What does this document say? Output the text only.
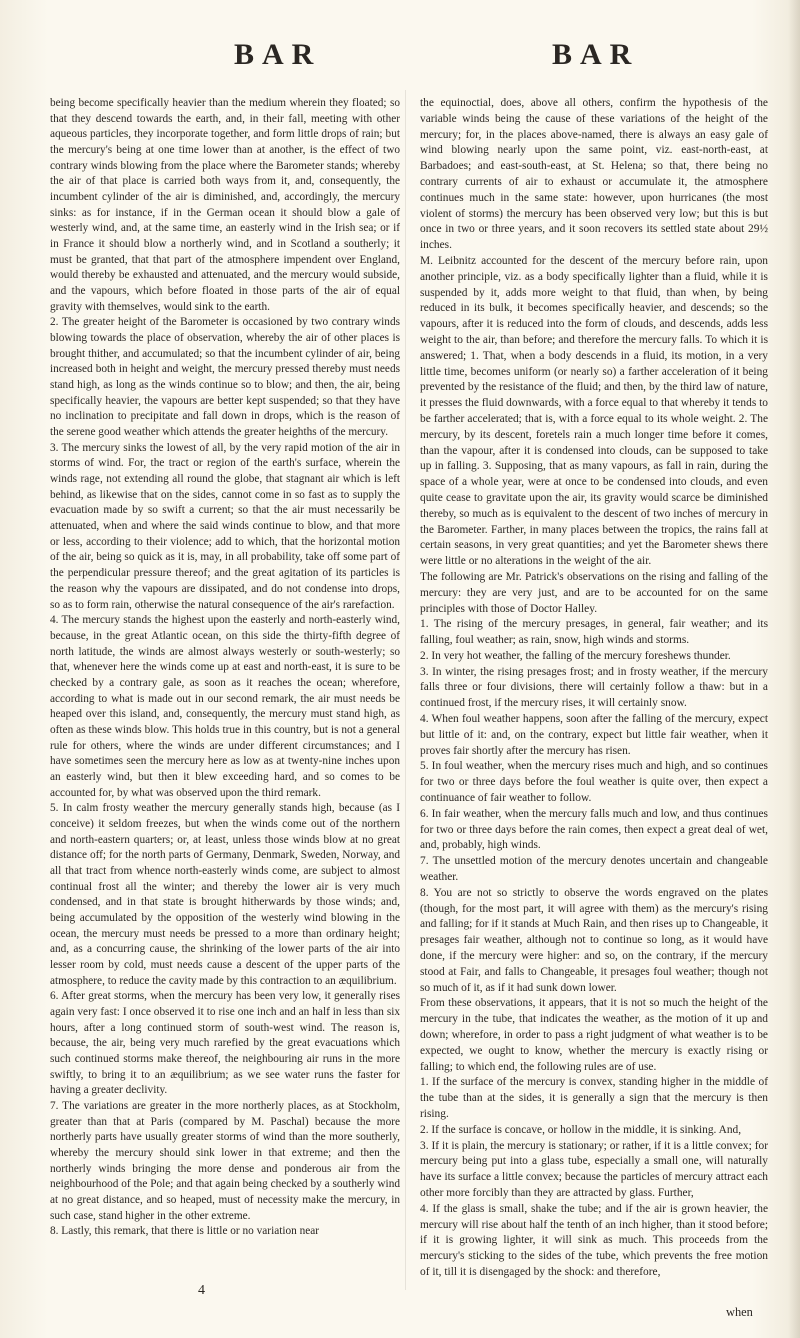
BAR	BAR

being become specifically heavier than the medium wherein they floated; so that they descend towards the earth, and, in their fall, meeting with other aqueous particles, they incorporate together, and form little drops of rain; but the mercury's being at one time lower than at another, is the effect of two contrary winds blowing from the place where the Barometer stands; whereby the air of that place is carried both ways from it, and, consequently, the incumbent cylinder of the air is diminished, and, accordingly, the mercury sinks: as for instance, if in the German ocean it should blow a gale of westerly wind, and, at the same time, an easterly wind in the Irish sea; or if in France it should blow a northerly wind, and in Scotland a southerly; it must be granted, that that part of the atmosphere impendent over England, would thereby be exhausted and attenuated, and the mercury would subside, and the vapours, which before floated in those parts of the air of equal gravity with themselves, would sink to the earth.

2. The greater height of the Barometer is occasioned by two contrary winds blowing towards the place of observation, whereby the air of other places is brought thither, and accumulated; so that the incumbent cylinder of air, being increased both in height and weight, the mercury pressed thereby must needs stand high, as long as the winds continue so to blow; and then, the air, being specifically heavier, the vapours are better kept suspended; so that they have no inclination to precipitate and fall down in drops, which is the reason of the serene good weather which attends the greater heighths of the mercury.

3. The mercury sinks the lowest of all, by the very rapid motion of the air in storms of wind. For, the tract or region of the earth's surface, wherein the winds rage, not extending all round the globe, that stagnant air which is left behind, as likewise that on the sides, cannot come in so fast as to supply the evacuation made by so swift a current; so that the air must necessarily be attenuated, when and where the said winds continue to blow, and that more or less, according to their violence; add to which, that the horizontal motion of the air, being so quick as it is, may, in all probability, take off some part of the perpendicular pressure thereof; and the great agitation of its particles is the reason why the vapours are dissipated, and do not condense into drops, so as to form rain, otherwise the natural consequence of the air's rarefaction.

4. The mercury stands the highest upon the easterly and north-easterly wind, because, in the great Atlantic ocean, on this side the thirty-fifth degree of north latitude, the winds are almost always westerly or south-westerly; so that, whenever here the winds come up at east and north-east, it is sure to be checked by a contrary gale, as soon as it reaches the ocean; wherefore, according to what is made out in our second remark, the air must needs be heaped over this island, and, consequently, the mercury must stand high, as often as these winds blow. This holds true in this country, but is not a general rule for others, where the winds are under different circumstances; and I have sometimes seen the mercury here as low as at twenty-nine inches upon an easterly wind, but then it blew exceeding hard, and so comes to be accounted for, by what was observed upon the third remark.

5. In calm frosty weather the mercury generally stands high, because (as I conceive) it seldom freezes, but when the winds come out of the northern and north-eastern quarters; or, at least, unless those winds blow at no great distance off; for the north parts of Germany, Denmark, Sweden, Norway, and all that tract from whence north-easterly winds come, are subject to almost continual frost all the winter; and thereby the lower air is very much condensed, and in that state is brought hitherwards by those winds; and, being accumulated by the opposition of the westerly wind blowing in the ocean, the mercury must needs be pressed to a more than ordinary height; and, as a concurring cause, the shrinking of the lower parts of the air into lesser room by cold, must needs cause a descent of the upper parts of the atmosphere, to reduce the cavity made by this contraction to an æquilibrium.

6. After great storms, when the mercury has been very low, it generally rises again very fast: I once observed it to rise one inch and an half in less than six hours, after a long continued storm of south-west wind. The reason is, because, the air, being very much rarefied by the great evacuations which such continued storms make thereof, the neighbouring air runs in the more swiftly, to bring it to an æquilibrium; as we see water runs the faster for having a greater declivity.

7. The variations are greater in the more northerly places, as at Stockholm, greater than that at Paris (compared by M. Paschal) because the more northerly parts have usually greater storms of wind than the more southerly, whereby the mercury should sink lower in that extreme; and then the northerly winds bringing the more dense and ponderous air from the neighbourhood of the Pole; and that again being checked by a southerly wind at no great distance, and so heaped, must of necessity make the mercury, in such case, stand higher in the other extreme.

8. Lastly, this remark, that there is little or no variation near

the equinoctial, does, above all others, confirm the hypothesis of the variable winds being the cause of these variations of the height of the mercury; for, in the places above-named, there is always an easy gale of wind blowing nearly upon the same point, viz. east-north-east, at Barbadoes; and east-south-east, at St. Helena; so that, there being no contrary currents of air to exhaust or accumulate it, the atmosphere continues much in the same state: however, upon hurricanes (the most violent of storms) the mercury has been observed very low; but this is but once in two or three years, and it soon recovers its settled state about 29½ inches.

M. Leibnitz accounted for the descent of the mercury before rain, upon another principle, viz. as a body specifically lighter than a fluid, while it is suspended by it, adds more weight to that fluid, than when, by being reduced in its bulk, it becomes specifically heavier, and descends; so the vapours, after it is reduced into the form of clouds, and descends, adds less weight to the air, than before; and therefore the mercury falls. To which it is answered; 1. That, when a body descends in a fluid, its motion, in a very little time, becomes uniform (or nearly so) a farther acceleration of it being prevented by the resistance of the fluid; and then, by the third law of nature, it presses the fluid downwards, with a force equal to that whereby it tends to be farther accelerated; that is, with a force equal to its whole weight. 2. The mercury, by its descent, foretels rain a much longer time before it comes, than the vapour, after it is condensed into clouds, can be supposed to take up in falling. 3. Supposing, that as many vapours, as fall in rain, during the space of a whole year, were at once to be condensed into clouds, and even quite cease to gravitate upon the air, its gravity would scarce be diminished thereby, so much as is equivalent to the descent of two inches of mercury in the Barometer. Farther, in many places between the tropics, the rains fall at certain seasons, in very great quantities; and yet the Barometer shews there were little or no alterations in the weight of the air.

The following are Mr. Patrick's observations on the rising and falling of the mercury: they are very just, and are to be accounted for on the same principles with those of Doctor Halley.

1. The rising of the mercury presages, in general, fair weather; and its falling, foul weather; as rain, snow, high winds and storms.

2. In very hot weather, the falling of the mercury foreshews thunder.

3. In winter, the rising presages frost; and in frosty weather, if the mercury falls three or four divisions, there will certainly follow a thaw: but in a continued frost, if the mercury rises, it will certainly snow.

4. When foul weather happens, soon after the falling of the mercury, expect but little of it: and, on the contrary, expect but little fair weather, when it proves fair shortly after the mercury has risen.

5. In foul weather, when the mercury rises much and high, and so continues for two or three days before the foul weather is quite over, then expect a continuance of fair weather to follow.

6. In fair weather, when the mercury falls much and low, and thus continues for two or three days before the rain comes, then expect a great deal of wet, and, probably, high winds.

7. The unsettled motion of the mercury denotes uncertain and changeable weather.

8. You are not so strictly to observe the words engraved on the plates (though, for the most part, it will agree with them) as the mercury's rising and falling; for if it stands at Much Rain, and then rises up to Changeable, it presages fair weather, although not to continue so long, as it would have done, if the mercury were higher: and so, on the contrary, if the mercury stood at Fair, and falls to Changeable, it presages foul weather; though not so much of it, as if it had sunk down lower.

From these observations, it appears, that it is not so much the height of the mercury in the tube, that indicates the weather, as the motion of it up and down; wherefore, in order to pass a right judgment of what weather is to be expected, we ought to know, whether the mercury is exactly rising or falling; to which end, the following rules are of use.

1. If the surface of the mercury is convex, standing higher in the middle of the tube than at the sides, it is generally a sign that the mercury is then rising.

2. If the surface is concave, or hollow in the middle, it is sinking. And,

3. If it is plain, the mercury is stationary; or rather, if it is a little convex; for mercury being put into a glass tube, especially a small one, will naturally have its surface a little convex; because the particles of mercury attract each other more forcibly than they are attracted by glass. Further,

4. If the glass is small, shake the tube; and if the air is grown heavier, the mercury will rise about half the tenth of an inch higher, than it stood before; if it is growing lighter, it will sink as much. This proceeds from the mercury's sticking to the sides of the tube, which prevents the free motion of it, till it is disengaged by the shock: and therefore,

4
when
